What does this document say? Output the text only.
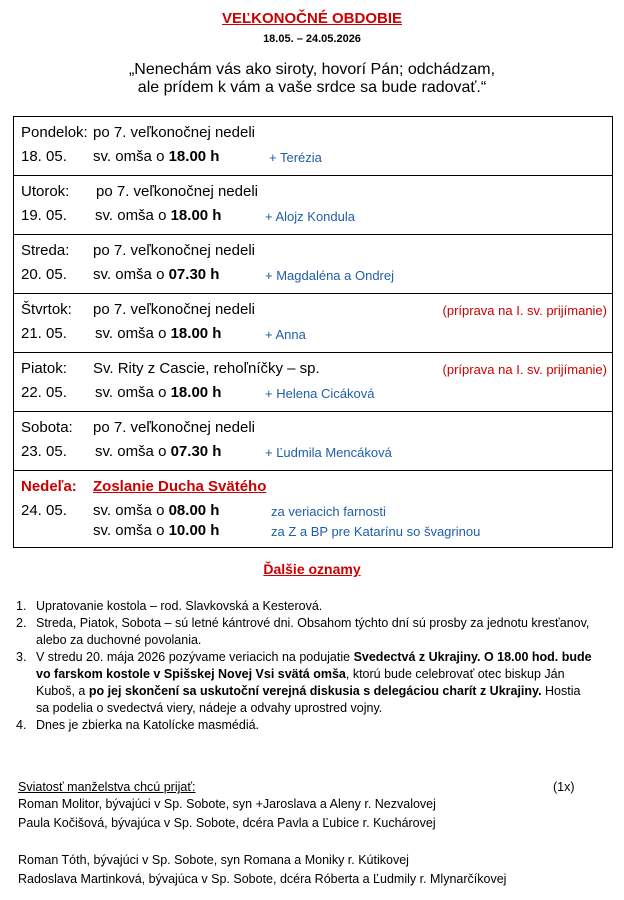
VEĽKONOČNÉ OBDOBIE
18.05. – 24.05.2026
„Nenechám vás ako siroty, hovorí Pán; odchádzam,
ale prídem k vám a vaše srdce sa bude radovať.“
Pondelok: po 7. veľkonočnej nedeli
18. 05. sv. omša o 18.00 h	+ Terézia
Utorok: po 7. veľkonočnej nedeli
19. 05. sv. omša o 18.00 h	+ Alojz Kondula
Streda: po 7. veľkonočnej nedeli
20. 05. sv. omša o 07.30 h	+ Magdaléna a Ondrej
Štvrtok: po 7. veľkonočnej nedeli	(príprava na I. sv. prijímanie)
21. 05. sv. omša o 18.00 h	+ Anna
Piatok: Sv. Rity z Cascie, rehoľníčky – sp.	(príprava na I. sv. prijímanie)
22. 05. sv. omša o 18.00 h	+ Helena Cicáková
Sobota: po 7. veľkonočnej nedeli
23. 05. sv. omša o 07.30 h	+ Ľudmila Mencáková
Nedeľa: Zoslanie Ducha Svätého
24. 05. sv. omša o 08.00 h	za veriacich farnosti
sv. omša o 10.00 h	za Z a BP pre Katarínu so švagrinou
Ďalšie oznamy
1. Upratovanie kostola – rod. Slavkovská a Kesterová.
2. Streda, Piatok, Sobota – sú letné kántrové dni. Obsahom týchto dní sú prosby za jednotu kresťanov, alebo za duchovné povolania.
3. V stredu 20. mája 2026 pozývame veriacich na podujatie Svedectvá z Ukrajiny. O 18.00 hod. bude vo farskom kostole v Spišskej Novej Vsi svätá omša, ktorú bude celebrovať otec biskup Ján Kuboš, a po jej skončení sa uskutoční verejná diskusia s delegáciou charít z Ukrajiny. Hostia sa podelia o svedectvá viery, nádeje a odvahy uprostred vojny.
4. Dnes je zbierka na Katolícke masmédiá.
Sviatosť manželstva chcú prijať:	(1x)
Roman Molitor, bývajúci v Sp. Sobote, syn +Jaroslava a Aleny r. Nezvalovej
Paula Kočišová, bývajúca v Sp. Sobote, dcéra Pavla a Ľubice r. Kuchárovej
Roman Tóth, bývajúci v Sp. Sobote, syn Romana a Moniky r. Kútikovej
Radoslava Martinková, bývajúca v Sp. Sobote, dcéra Róberta a Ľudmily r. Mlynarčíkovej
